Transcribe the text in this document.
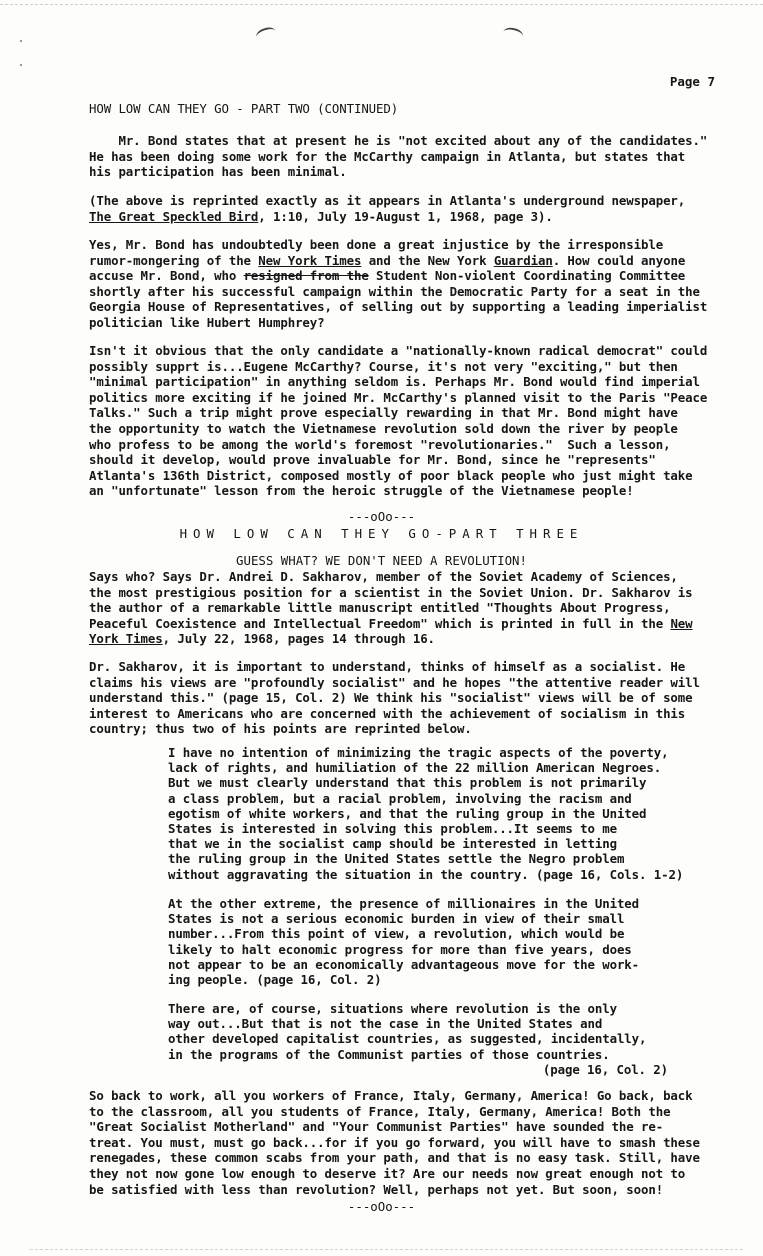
Page 7

HOW LOW CAN THEY GO - PART TWO (CONTINUED)

Mr. Bond states that at present he is "not excited about any of the candidates."
He has been doing some work for the McCarthy campaign in Atlanta, but states that
his participation has been minimal.

(The above is reprinted exactly as it appears in Atlanta's underground newspaper,
The Great Speckled Bird, 1:10, July 19-August 1, 1968, page 3).

Yes, Mr. Bond has undoubtedly been done a great injustice by the irresponsible
rumor-mongering of the New York Times and the New York Guardian. How could anyone
accuse Mr. Bond, who resigned from the Student Non-violent Coordinating Committee
shortly after his successful campaign within the Democratic Party for a seat in the
Georgia House of Representatives, of selling out by supporting a leading imperialist
politician like Hubert Humphrey?

Isn't it obvious that the only candidate a "nationally-known radical democrat" could
possibly supprt is...Eugene McCarthy? Course, it's not very "exciting," but then
"minimal participation" in anything seldom is. Perhaps Mr. Bond would find imperial
politics more exciting if he joined Mr. McCarthy's planned visit to the Paris "Peace
Talks." Such a trip might prove especially rewarding in that Mr. Bond might have
the opportunity to watch the Vietnamese revolution sold down the river by people
who profess to be among the world's foremost "revolutionaries."  Such a lesson,
should it develop, would prove invaluable for Mr. Bond, since he "represents"
Atlanta's 136th District, composed mostly of poor black people who just might take
an "unfortunate" lesson from the heroic struggle of the Vietnamese people!

---oOo---

HOW LOW CAN THEY GO-PART THREE

GUESS WHAT? WE DON'T NEED A REVOLUTION!

Says who? Says Dr. Andrei D. Sakharov, member of the Soviet Academy of Sciences,
the most prestigious position for a scientist in the Soviet Union. Dr. Sakharov is
the author of a remarkable little manuscript entitled "Thoughts About Progress,
Peaceful Coexistence and Intellectual Freedom" which is printed in full in the New
York Times, July 22, 1968, pages 14 through 16.

Dr. Sakharov, it is important to understand, thinks of himself as a socialist. He
claims his views are "profoundly socialist" and he hopes "the attentive reader will
understand this." (page 15, Col. 2) We think his "socialist" views will be of some
interest to Americans who are concerned with the achievement of socialism in this
country; thus two of his points are reprinted below.

I have no intention of minimizing the tragic aspects of the poverty,
lack of rights, and humiliation of the 22 million American Negroes.
But we must clearly understand that this problem is not primarily
a class problem, but a racial problem, involving the racism and
egotism of white workers, and that the ruling group in the United
States is interested in solving this problem...It seems to me
that we in the socialist camp should be interested in letting
the ruling group in the United States settle the Negro problem
without aggravating the situation in the country. (page 16, Cols. 1-2)

At the other extreme, the presence of millionaires in the United
States is not a serious economic burden in view of their small
number...From this point of view, a revolution, which would be
likely to halt economic progress for more than five years, does
not appear to be an economically advantageous move for the work-
ing people. (page 16, Col. 2)

There are, of course, situations where revolution is the only
way out...But that is not the case in the United States and
other developed capitalist countries, as suggested, incidentally,
in the programs of the Communist parties of those countries.
(page 16, Col. 2)

So back to work, all you workers of France, Italy, Germany, America! Go back, back
to the classroom, all you students of France, Italy, Germany, America! Both the
"Great Socialist Motherland" and "Your Communist Parties" have sounded the re-
treat. You must, must go back...for if you go forward, you will have to smash these
renegades, these common scabs from your path, and that is no easy task. Still, have
they not now gone low enough to deserve it? Are our needs now great enough not to
be satisfied with less than revolution? Well, perhaps not yet. But soon, soon!

---oOo---
